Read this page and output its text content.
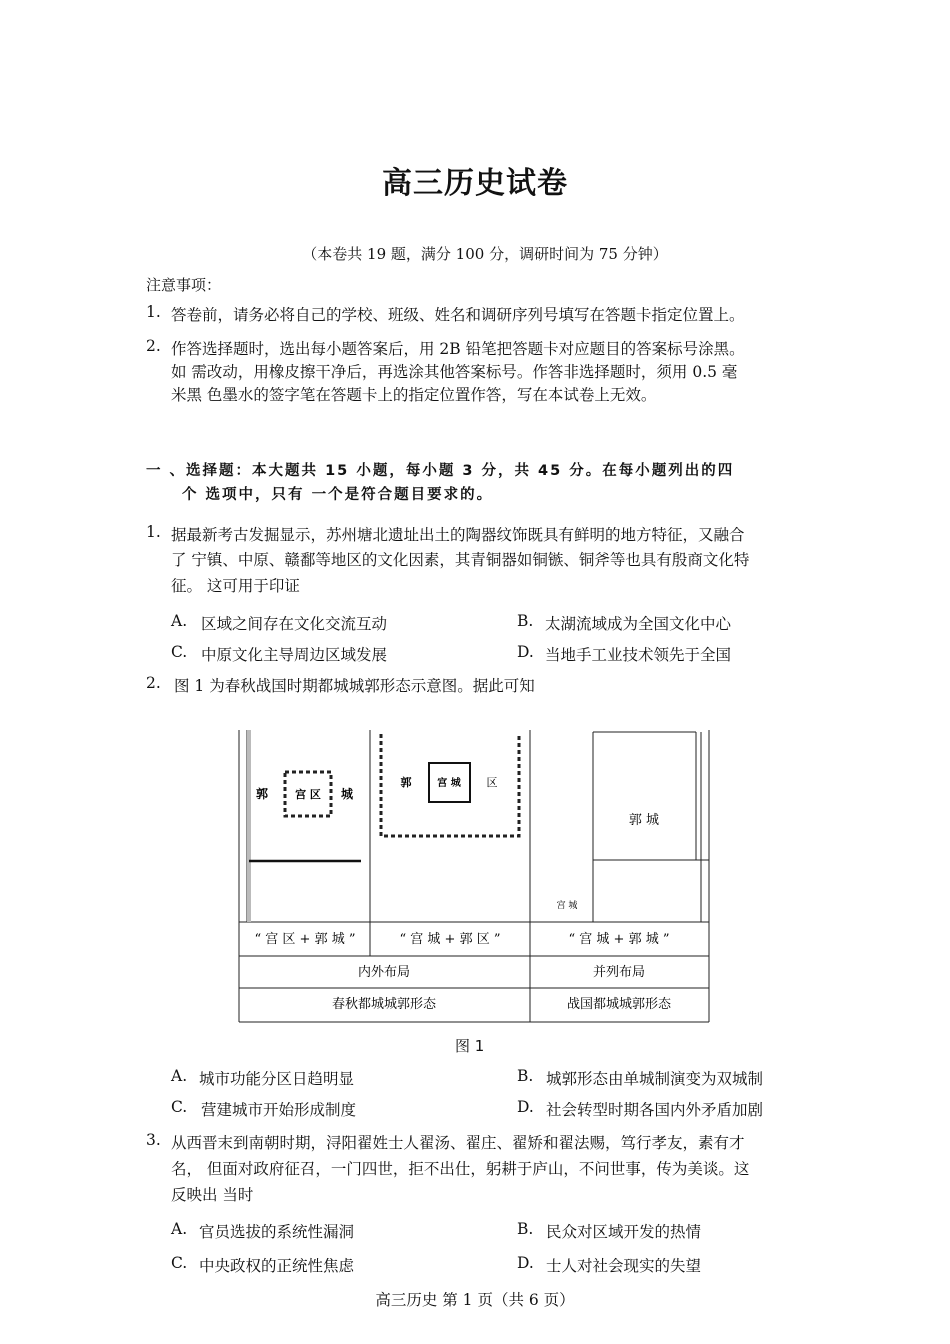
高三历史试卷
（本卷共 19 题，满分 100 分，调研时间为 75 分钟）
注意事项：
1. 答卷前，请务必将自己的学校、班级、姓名和调研序列号填写在答题卡指定位置上。
2. 作答选择题时，选出每小题答案后，用 2B 铅笔把答题卡对应题目的答案标号涂黑。
如 需改动，用橡皮擦干净后，再选涂其他答案标号。作答非选择题时，须用 0.5 毫
米黑 色墨水的签字笔在答题卡上的指定位置作答，写在本试卷上无效。
一 、选择题：本大题共 15 小题，每小题 3 分，共 45 分。在每小题列出的四
个 选项中，只有 一个是符合题目要求的。
1. 据最新考古发掘显示，苏州塘北遗址出土的陶器纹饰既具有鲜明的地方特征，又融合
了 宁镇、中原、赣鄱等地区的文化因素，其青铜器如铜镞、铜斧等也具有殷商文化特
征。 这可用于印证
A. 区域之间存在文化交流互动	B. 太湖流域成为全国文化中心
C. 中原文化主导周边区域发展	D. 当地手工业技术领先于全国
2. 图 1 为春秋战国时期都城城郭形态示意图。据此可知
郭 宫 区 城
郭	宫 城 区
郭 城
宫 城
“ 宫 区 + 郭 城 ”	“ 宫 城 + 郭 区 ”	“ 宫 城 + 郭 城 ”
内外布局	并列布局
春秋都城城郭形态	战国都城城郭形态
图 1
A. 城市功能分区日趋明显	B. 城郭形态由单城制演变为双城制
C. 营建城市开始形成制度	D. 社会转型时期各国内外矛盾加剧
3. 从西晋末到南朝时期，浔阳翟姓士人翟汤、翟庄、翟矫和翟法赐，笃行孝友，素有才
名， 但面对政府征召，一门四世，拒不出仕，躬耕于庐山，不问世事，传为美谈。这
反映出 当时
A. 官员选拔的系统性漏洞	B. 民众对区域开发的热情
C. 中央政权的正统性焦虑	D. 士人对社会现实的失望
高三历史 第 1 页（共 6 页）
